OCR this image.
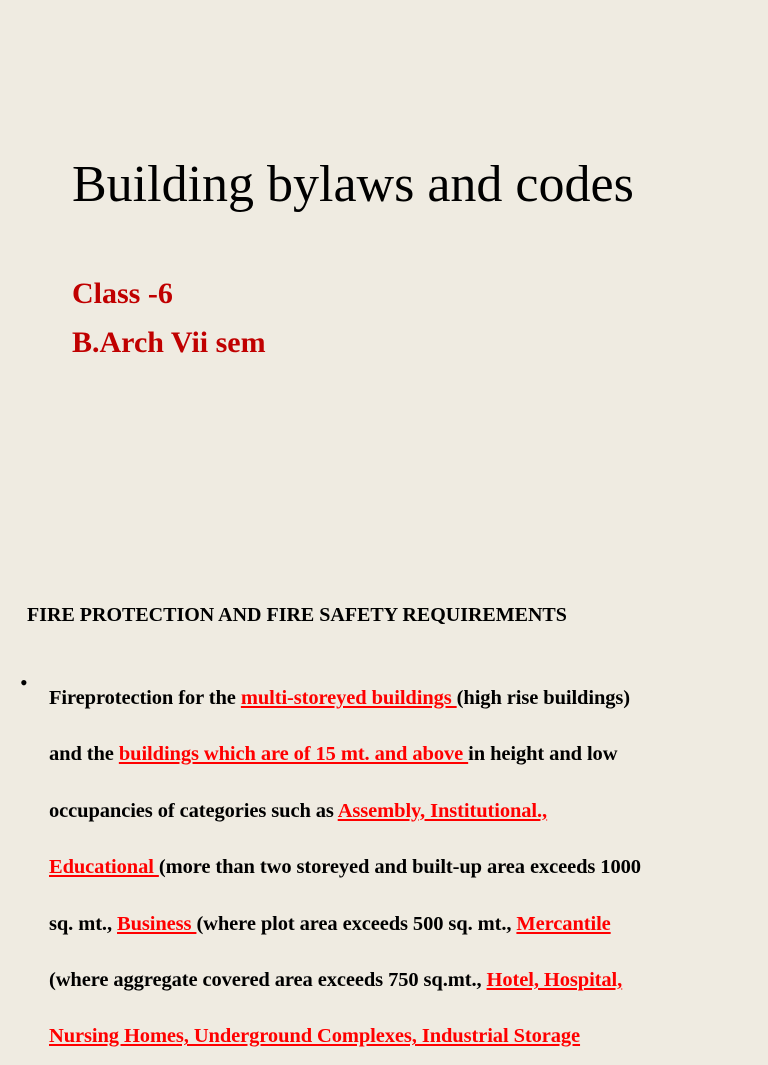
Building bylaws and codes
Class -6
B.Arch Vii sem
FIRE PROTECTION AND FIRE SAFETY REQUIREMENTS
•
Fireprotection for the multi-storeyed buildings (high rise buildings)
and the buildings which are of 15 mt. and above in height and low
occupancies of categories such as Assembly, Institutional.,
Educational (more than two storeyed and built-up area exceeds 1000
sq. mt., Business (where plot area exceeds 500 sq. mt., Mercantile
(where aggregate covered area exceeds 750 sq.mt., Hotel, Hospital,
Nursing Homes, Underground Complexes, Industrial Storage
